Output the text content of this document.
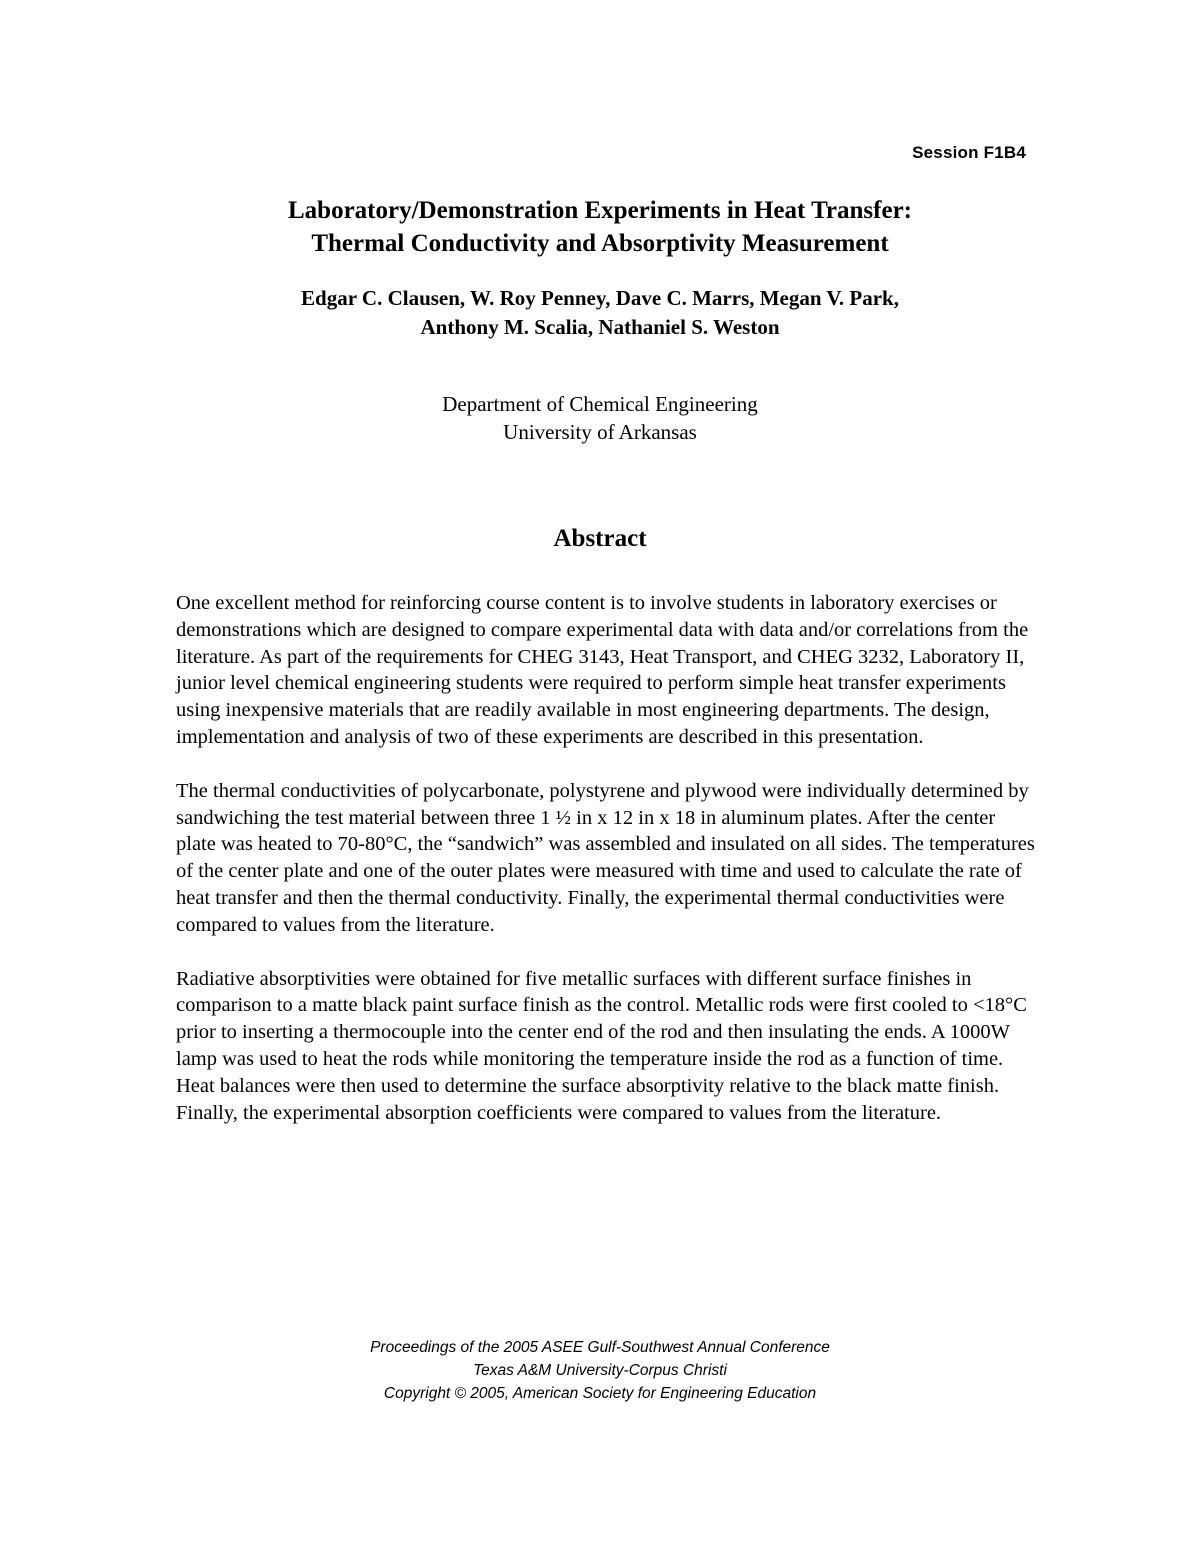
Session F1B4
Laboratory/Demonstration Experiments in Heat Transfer:
Thermal Conductivity and Absorptivity Measurement
Edgar C. Clausen, W. Roy Penney, Dave C. Marrs, Megan V. Park,
Anthony M. Scalia, Nathaniel S. Weston
Department of Chemical Engineering
University of Arkansas
Abstract

One excellent method for reinforcing course content is to involve students in laboratory exercises or demonstrations which are designed to compare experimental data with data and/or correlations from the literature. As part of the requirements for CHEG 3143, Heat Transport, and CHEG 3232, Laboratory II, junior level chemical engineering students were required to perform simple heat transfer experiments using inexpensive materials that are readily available in most engineering departments. The design, implementation and analysis of two of these experiments are described in this presentation.

The thermal conductivities of polycarbonate, polystyrene and plywood were individually determined by sandwiching the test material between three 1 ½ in x 12 in x 18 in aluminum plates. After the center plate was heated to 70-80°C, the “sandwich” was assembled and insulated on all sides. The temperatures of the center plate and one of the outer plates were measured with time and used to calculate the rate of heat transfer and then the thermal conductivity. Finally, the experimental thermal conductivities were compared to values from the literature.

Radiative absorptivities were obtained for five metallic surfaces with different surface finishes in comparison to a matte black paint surface finish as the control. Metallic rods were first cooled to <18°C prior to inserting a thermocouple into the center end of the rod and then insulating the ends. A 1000W lamp was used to heat the rods while monitoring the temperature inside the rod as a function of time. Heat balances were then used to determine the surface absorptivity relative to the black matte finish. Finally, the experimental absorption coefficients were compared to values from the literature.

Proceedings of the 2005 ASEE Gulf-Southwest Annual Conference
Texas A&M University-Corpus Christi
Copyright © 2005, American Society for Engineering Education
